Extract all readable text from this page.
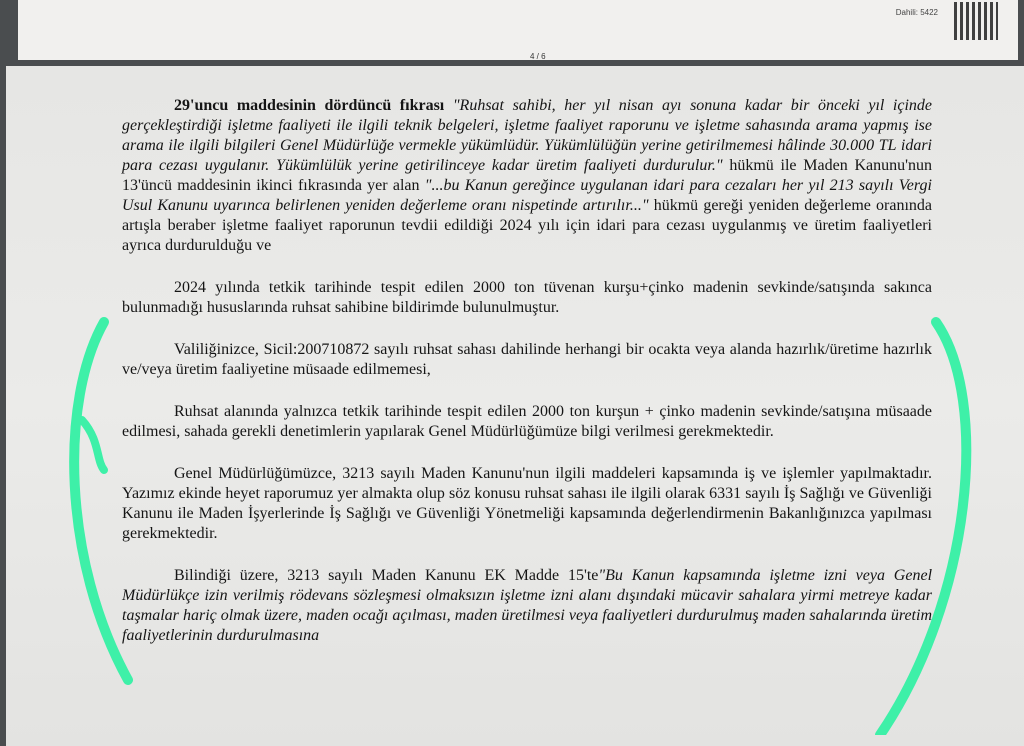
Dahili: 5422
4 / 6

29'uncu maddesinin dördüncü fıkrası "Ruhsat sahibi, her yıl nisan ayı sonuna kadar bir önceki yıl içinde gerçekleştirdiği işletme faaliyeti ile ilgili teknik belgeleri, işletme faaliyet raporunu ve işletme sahasında arama yapmış ise arama ile ilgili bilgileri Genel Müdürlüğe vermekle yükümlüdür. Yükümlülüğün yerine getirilmemesi hâlinde 30.000 TL idari para cezası uygulanır. Yükümlülük yerine getirilinceye kadar üretim faaliyeti durdurulur." hükmü ile Maden Kanunu'nun 13'üncü maddesinin ikinci fıkrasında yer alan "...bu Kanun gereğince uygulanan idari para cezaları her yıl 213 sayılı Vergi Usul Kanunu uyarınca belirlenen yeniden değerleme oranı nispetinde artırılır..." hükmü gereği yeniden değerleme oranında artışla beraber işletme faaliyet raporunun tevdii edildiği 2024 yılı için idari para cezası uygulanmış ve üretim faaliyetleri ayrıca durdurulduğu ve

2024 yılında tetkik tarihinde tespit edilen 2000 ton tüvenan kurşu+çinko madenin sevkinde/satışında sakınca bulunmadığı hususlarında ruhsat sahibine bildirimde bulunulmuştur.

Valiliğinizce, Sicil:200710872 sayılı ruhsat sahası dahilinde herhangi bir ocakta veya alanda hazırlık/üretime hazırlık ve/veya üretim faaliyetine müsaade edilmemesi,

Ruhsat alanında yalnızca tetkik tarihinde tespit edilen 2000 ton kurşun + çinko madenin sevkinde/satışına müsaade edilmesi, sahada gerekli denetimlerin yapılarak Genel Müdürlüğümüze bilgi verilmesi gerekmektedir.

Genel Müdürlüğümüzce, 3213 sayılı Maden Kanunu'nun ilgili maddeleri kapsamında iş ve işlemler yapılmaktadır. Yazımız ekinde heyet raporumuz yer almakta olup söz konusu ruhsat sahası ile ilgili olarak 6331 sayılı İş Sağlığı ve Güvenliği Kanunu ile Maden İşyerlerinde İş Sağlığı ve Güvenliği Yönetmeliği kapsamında değerlendirmenin Bakanlığınızca yapılması gerekmektedir.

Bilindiği üzere, 3213 sayılı Maden Kanunu EK Madde 15'te"Bu Kanun kapsamında işletme izni veya Genel Müdürlükçe izin verilmiş rödevans sözleşmesi olmaksızın işletme izni alanı dışındaki mücavir sahalara yirmi metreye kadar taşmalar hariç olmak üzere, maden ocağı açılması, maden üretilmesi veya faaliyetleri durdurulmuş maden sahalarında üretim faaliyetlerinin durdurulmasına
